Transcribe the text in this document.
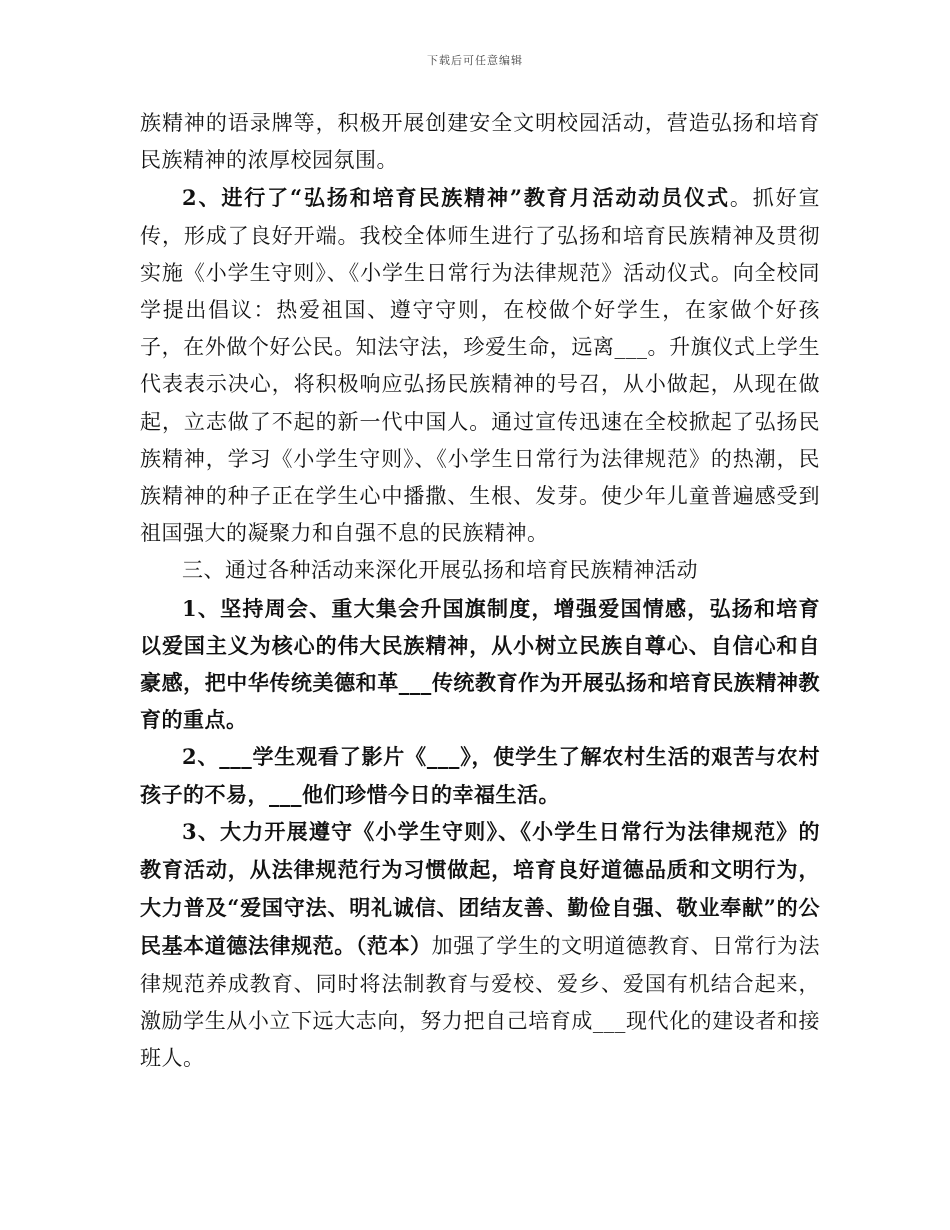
下载后可任意编辑

族精神的语录牌等，积极开展创建安全文明校园活动，营造弘扬和培育民族精神的浓厚校园氛围。

2、进行了“弘扬和培育民族精神”教育月活动动员仪式。抓好宣传，形成了良好开端。我校全体师生进行了弘扬和培育民族精神及贯彻实施《小学生守则》、《小学生日常行为法律规范》活动仪式。向全校同学提出倡议：热爱祖国、遵守守则，在校做个好学生，在家做个好孩子，在外做个好公民。知法守法，珍爱生命，远离___。升旗仪式上学生代表表示决心，将积极响应弘扬民族精神的号召，从小做起，从现在做起，立志做了不起的新一代中国人。通过宣传迅速在全校掀起了弘扬民族精神，学习《小学生守则》、《小学生日常行为法律规范》的热潮，民族精神的种子正在学生心中播撒、生根、发芽。使少年儿童普遍感受到祖国强大的凝聚力和自强不息的民族精神。

三、通过各种活动来深化开展弘扬和培育民族精神活动

1、坚持周会、重大集会升国旗制度，增强爱国情感，弘扬和培育以爱国主义为核心的伟大民族精神，从小树立民族自尊心、自信心和自豪感，把中华传统美德和革___传统教育作为开展弘扬和培育民族精神教育的重点。

2、___学生观看了影片《___》，使学生了解农村生活的艰苦与农村孩子的不易，___他们珍惜今日的幸福生活。

3、大力开展遵守《小学生守则》、《小学生日常行为法律规范》的教育活动，从法律规范行为习惯做起，培育良好道德品质和文明行为，大力普及“爱国守法、明礼诚信、团结友善、勤俭自强、敬业奉献”的公民基本道德法律规范。（范本）加强了学生的文明道德教育、日常行为法律规范养成教育、同时将法制教育与爱校、爱乡、爱国有机结合起来，激励学生从小立下远大志向，努力把自己培育成___现代化的建设者和接班人。
